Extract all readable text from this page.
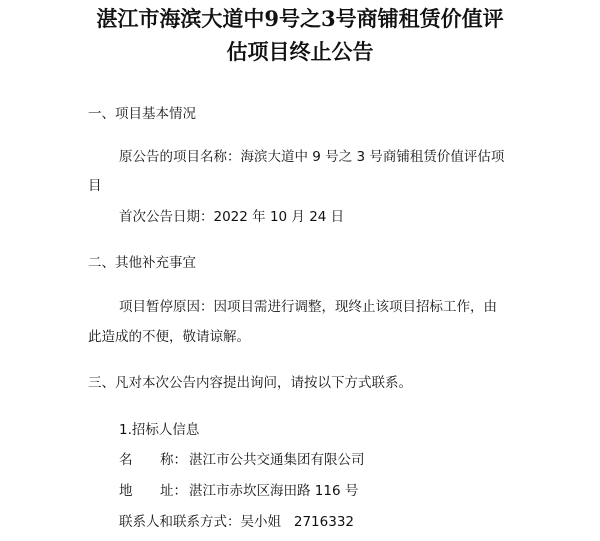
湛江市海滨大道中9号之3号商铺租赁价值评
估项目终止公告
一、项目基本情况
原公告的项目名称：海滨大道中 9 号之 3 号商铺租赁价值评估项
目
首次公告日期：2022 年 10 月 24 日
二、其他补充事宜
项目暂停原因：因项目需进行调整，现终止该项目招标工作，由
此造成的不便，敬请谅解。
三、凡对本次公告内容提出询问，请按以下方式联系。
1.招标人信息
名 称： 湛江市公共交通集团有限公司
地 址： 湛江市赤坎区海田路 116 号
联系人和联系方式：吴小姐   2716332
